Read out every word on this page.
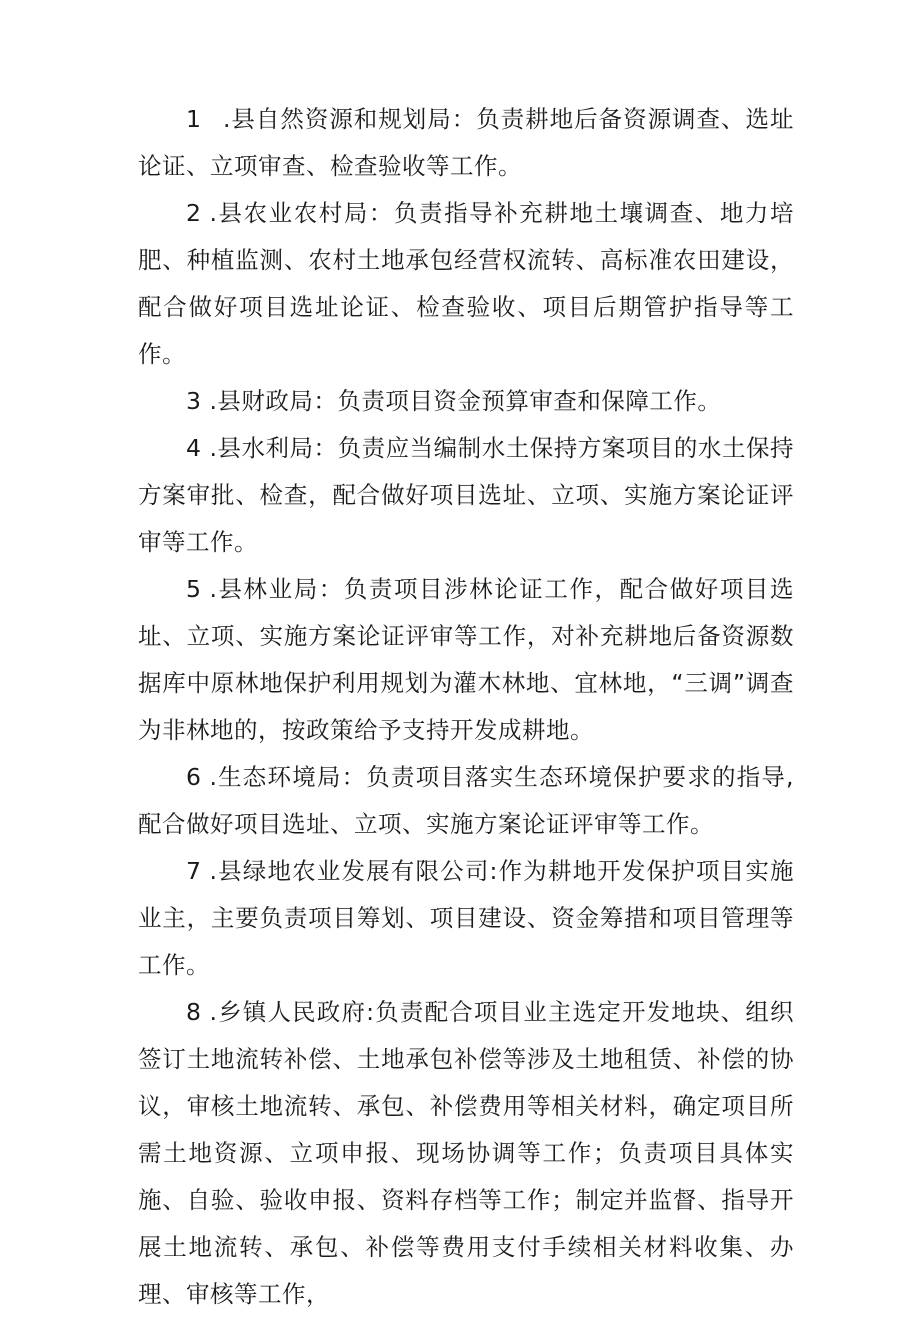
1 .县自然资源和规划局：负责耕地后备资源调查、选址论证、立项审查、检查验收等工作。

2 .县农业农村局：负责指导补充耕地土壤调查、地力培肥、种植监测、农村土地承包经营权流转、高标准农田建设，配合做好项目选址论证、检查验收、项目后期管护指导等工作。

3 .县财政局：负责项目资金预算审查和保障工作。

4 .县水利局：负责应当编制水土保持方案项目的水土保持方案审批、检查，配合做好项目选址、立项、实施方案论证评审等工作。

5 .县林业局：负责项目涉林论证工作，配合做好项目选址、立项、实施方案论证评审等工作，对补充耕地后备资源数据库中原林地保护利用规划为灌木林地、宜林地，“三调”调查为非林地的，按政策给予支持开发成耕地。

6 .生态环境局：负责项目落实生态环境保护要求的指导,配合做好项目选址、立项、实施方案论证评审等工作。

7 .县绿地农业发展有限公司:作为耕地开发保护项目实施业主，主要负责项目筹划、项目建设、资金筹措和项目管理等工作。

8 .乡镇人民政府:负责配合项目业主选定开发地块、组织签订土地流转补偿、土地承包补偿等涉及土地租赁、补偿的协议，审核土地流转、承包、补偿费用等相关材料，确定项目所需土地资源、立项申报、现场协调等工作；负责项目具体实施、自验、验收申报、资料存档等工作；制定并监督、指导开展土地流转、承包、补偿等费用支付手续相关材料收集、办理、审核等工作，
